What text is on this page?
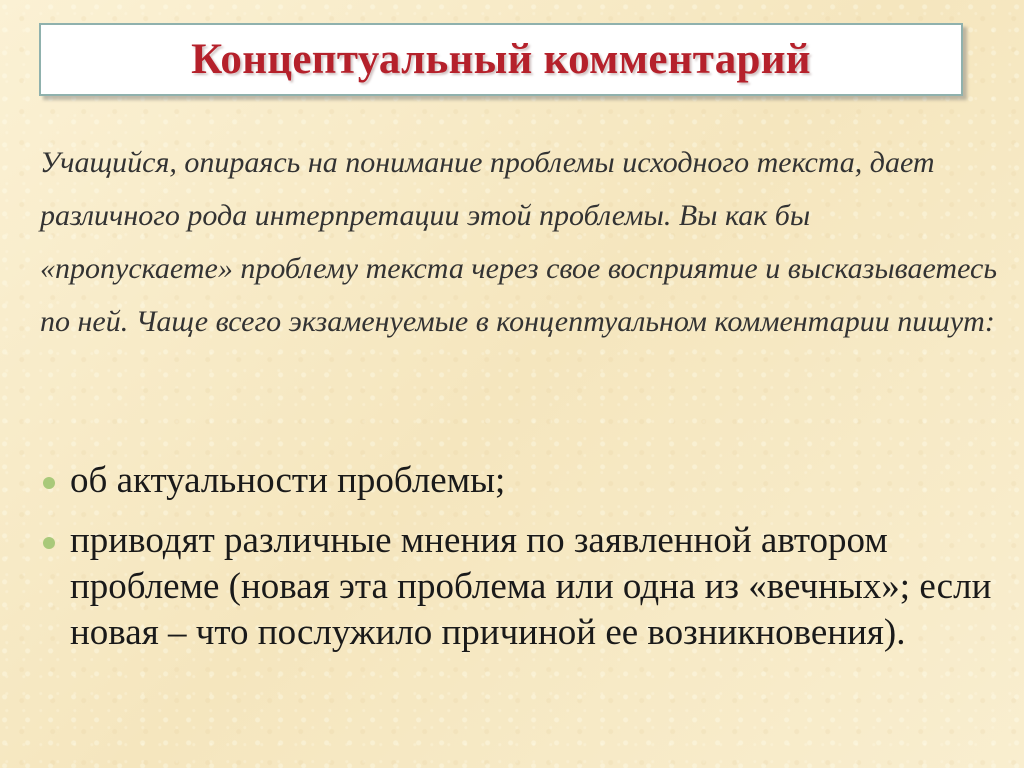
Концептуальный комментарий
Учащийся, опираясь на понимание проблемы исходного текста, дает различного рода интерпретации этой проблемы. Вы как бы «пропускаете» проблему текста через свое восприятие и высказываетесь по ней. Чаще всего экзаменуемые в концептуальном комментарии пишут:
об актуальности проблемы;
приводят различные мнения по заявленной автором проблеме (новая эта проблема или одна из «вечных»; если новая – что послужило причиной ее возникновения).
